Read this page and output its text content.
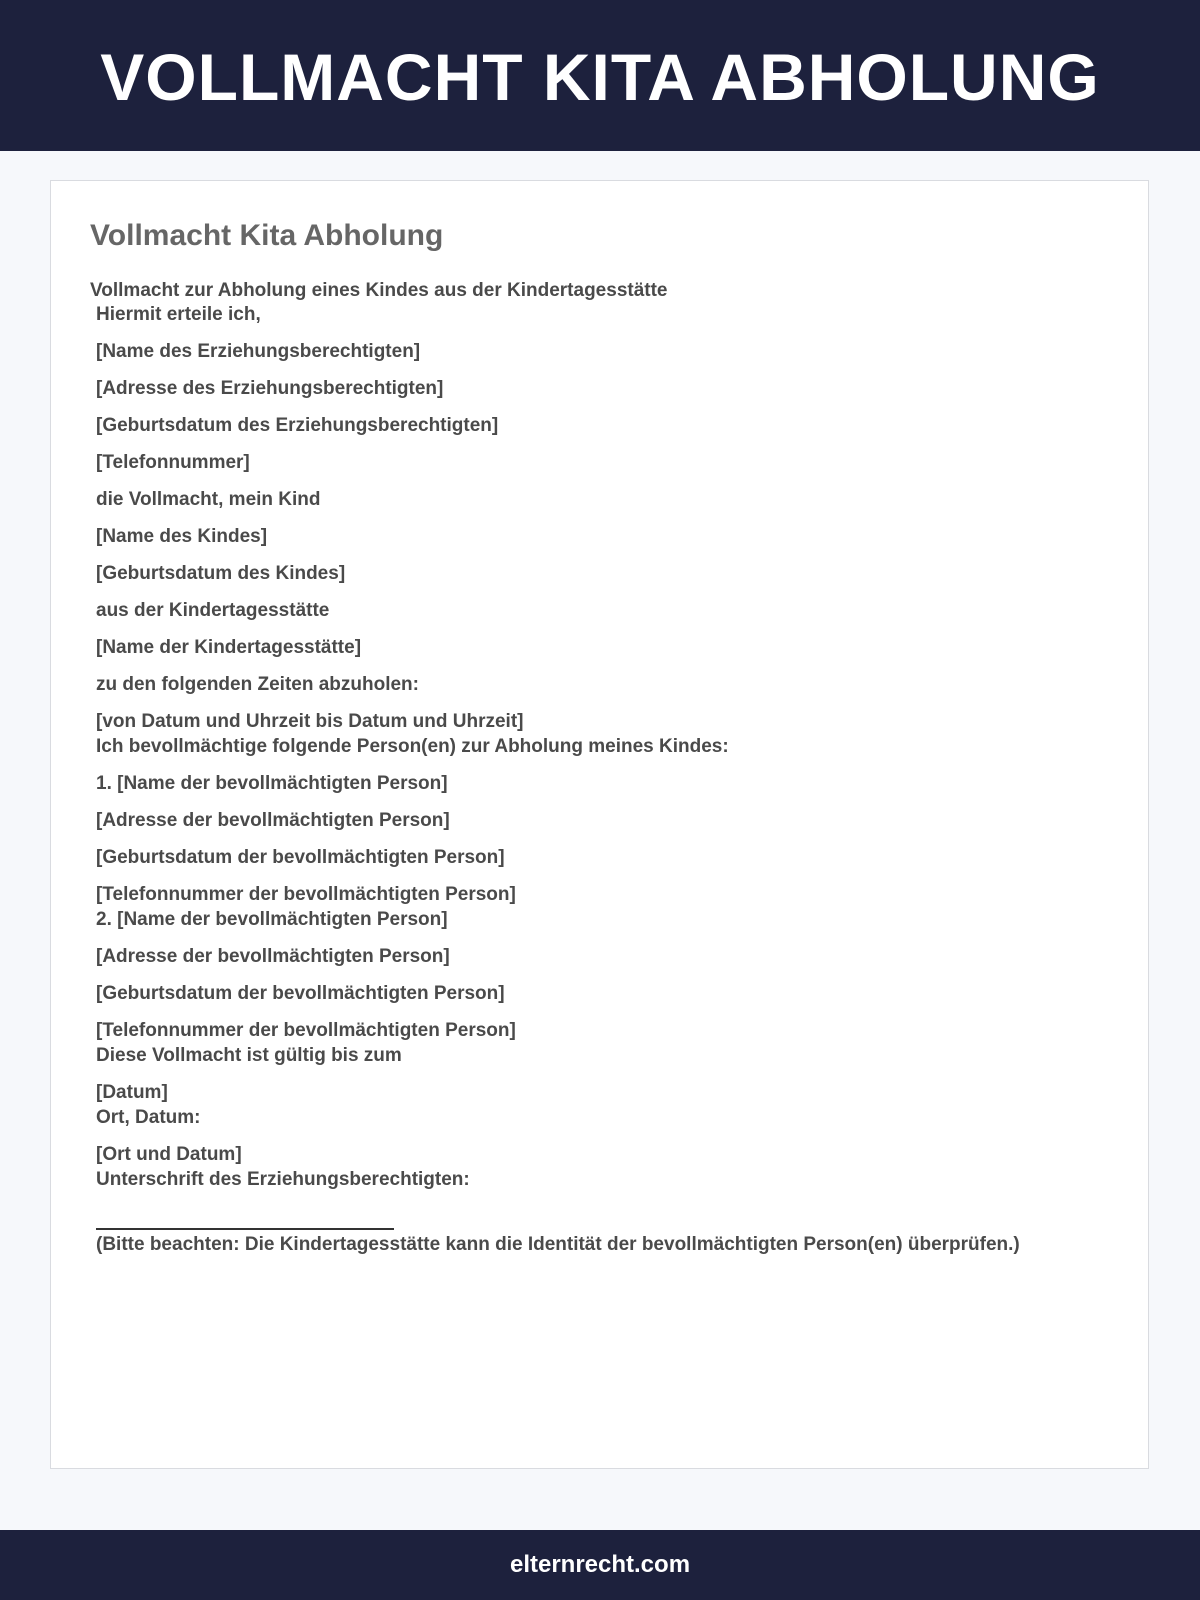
VOLLMACHT KITA ABHOLUNG
Vollmacht Kita Abholung

Vollmacht zur Abholung eines Kindes aus der Kindertagesstätte

Hiermit erteile ich,

[Name des Erziehungsberechtigten]

[Adresse des Erziehungsberechtigten]

[Geburtsdatum des Erziehungsberechtigten]

[Telefonnummer]

die Vollmacht, mein Kind

[Name des Kindes]

[Geburtsdatum des Kindes]

aus der Kindertagesstätte

[Name der Kindertagesstätte]

zu den folgenden Zeiten abzuholen:

[von Datum und Uhrzeit bis Datum und Uhrzeit]

Ich bevollmächtige folgende Person(en) zur Abholung meines Kindes:

1. [Name der bevollmächtigten Person]

[Adresse der bevollmächtigten Person]

[Geburtsdatum der bevollmächtigten Person]

[Telefonnummer der bevollmächtigten Person]

2. [Name der bevollmächtigten Person]

[Adresse der bevollmächtigten Person]

[Geburtsdatum der bevollmächtigten Person]

[Telefonnummer der bevollmächtigten Person]

Diese Vollmacht ist gültig bis zum

[Datum]

Ort, Datum:

[Ort und Datum]

Unterschrift des Erziehungsberechtigten:

(Bitte beachten: Die Kindertagesstätte kann die Identität der bevollmächtigten Person(en) überprüfen.)

elternrecht.com
